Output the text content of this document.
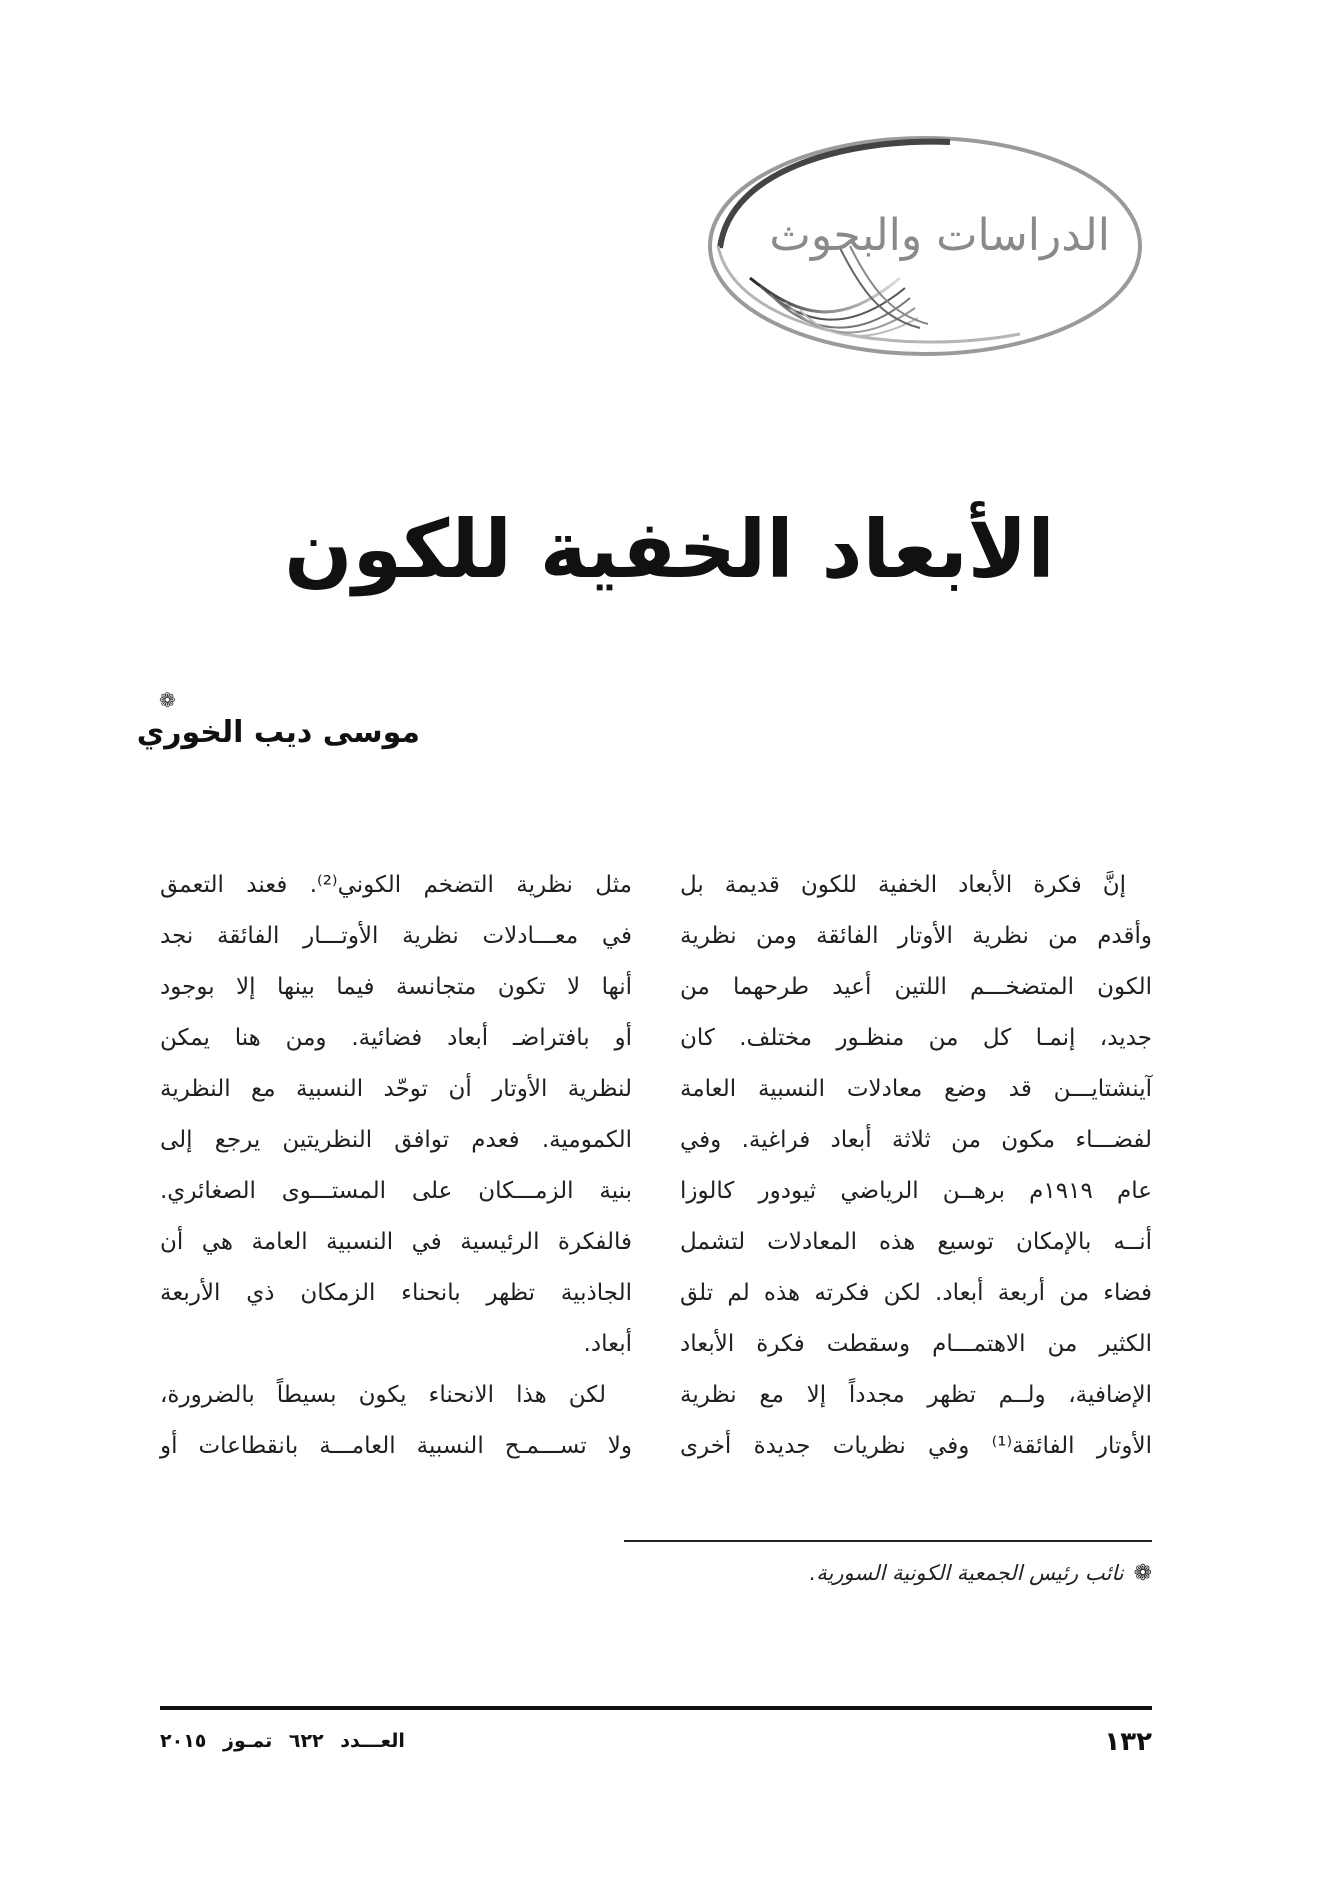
الدراسات والبحوث
الأبعاد الخفية للكون
❁
موسى ديب الخوري
إنَّ فكرة الأبعاد الخفية للكون قديمة بل
وأقدم من نظرية الأوتار الفائقة ومن نظرية
الكون المتضخـــم اللتين أعيد طرحهما من
جديد، إنمـا كل من منظـور مختلف. كان
آينشتايـــن قد وضع معادلات النسبية العامة
لفضـــاء مكون من ثلاثة أبعاد فراغية. وفي
عام ١٩١٩م برهــن الرياضي ثيودور كالوزا
أنــه بالإمكان توسيع هذه المعادلات لتشمل
فضاء من أربعة أبعاد. لكن فكرته هذه لم تلق
الكثير من الاهتمـــام وسقطت فكرة الأبعاد
الإضافية، ولــم تظهر مجدداً إلا مع نظرية
الأوتار الفائقة⁽¹⁾ وفي نظريات جديدة أخرى
مثل نظرية التضخم الكوني⁽²⁾. فعند التعمق
في معـــادلات نظرية الأوتـــار الفائقة نجد
أنها لا تكون متجانسة فيما بينها إلا بوجود
أو بافتراضـ أبعاد فضائية. ومن هنا يمكن
لنظرية الأوتار أن توحّد النسبية مع النظرية
الكمومية. فعدم توافق النظريتين يرجع إلى
بنية الزمـــكان على المستـــوى الصغائري.
فالفكرة الرئيسية في النسبية العامة هي أن
الجاذبية تظهر بانحناء الزمكان ذي الأربعة
أبعاد.
لكن هذا الانحناء يكون بسيطاً بالضرورة،
ولا تســـمـح النسبية العامـــة بانقطاعات أو
❁نائب رئيس الجمعية الكونية السورية.
١٣٢
العـــدد ٦٢٢ تمـوز ٢٠١٥
